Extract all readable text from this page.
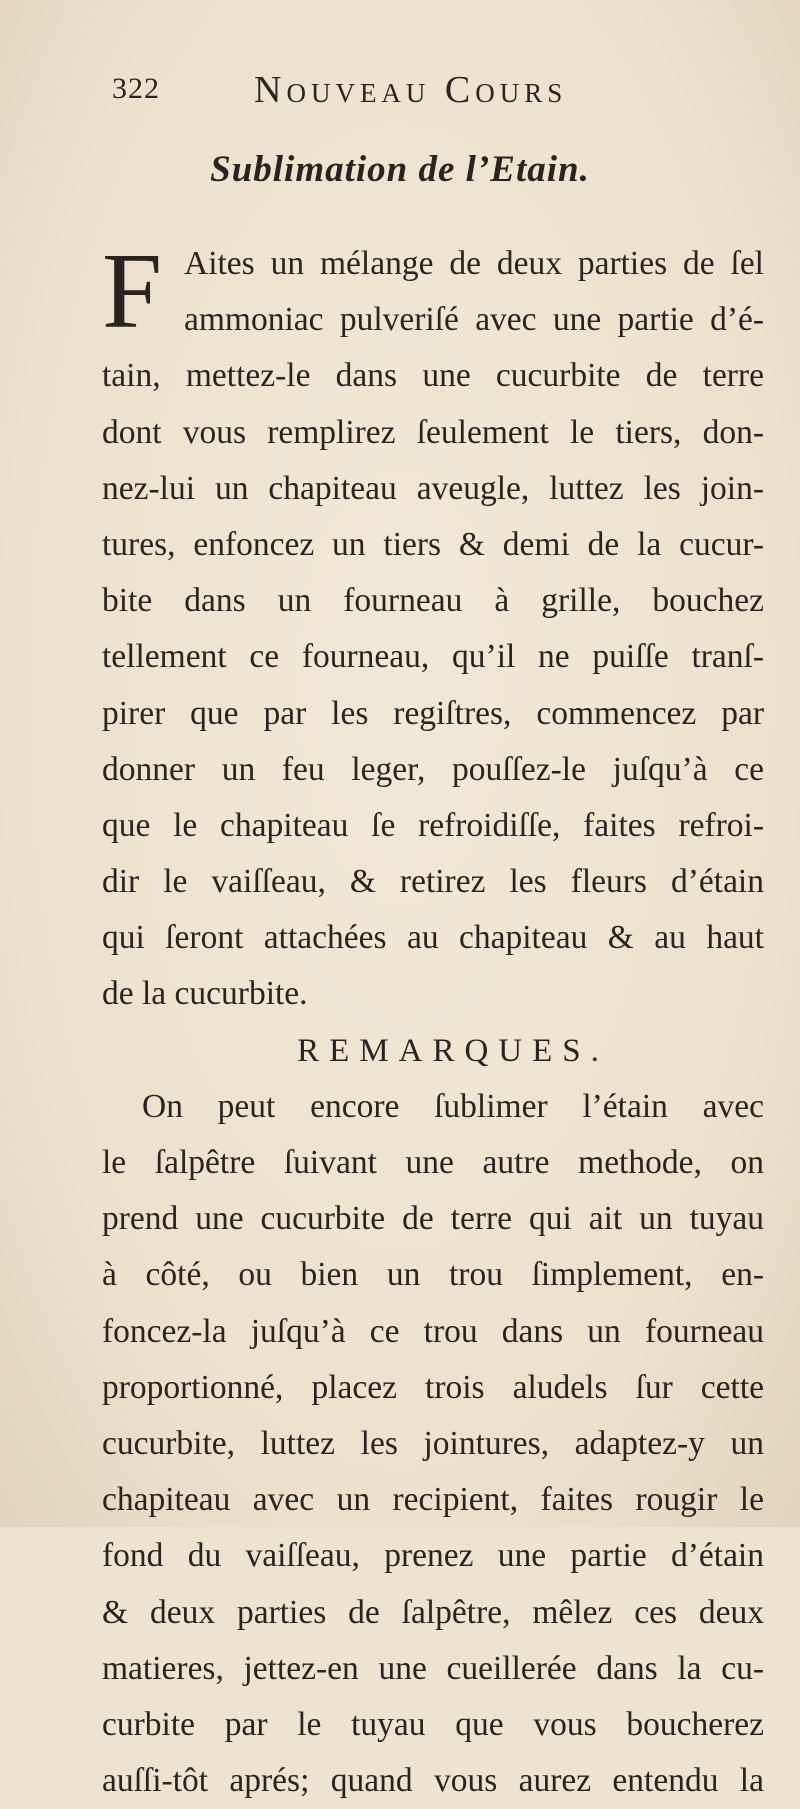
322 Nouveau Cours
Sublimation de l’Etain.
F Aites un mélange de deux parties de ſel
ammoniac pulveriſé avec une partie d’é-
tain, mettez-le dans une cucurbite de terre
dont vous remplirez ſeulement le tiers, don-
nez-lui un chapiteau aveugle, luttez les join-
tures, enfoncez un tiers & demi de la cucur-
bite dans un fourneau à grille, bouchez
tellement ce fourneau, qu’il ne puiſſe tranſ-
pirer que par les regiſtres, commencez par
donner un feu leger, pouſſez-le juſqu’à ce
que le chapiteau ſe refroidiſſe, faites refroi-
dir le vaiſſeau, & retirez les fleurs d’étain
qui ſeront attachées au chapiteau & au haut
de la cucurbite.
REMARQUES.
On peut encore ſublimer l’étain avec
le ſalpêtre ſuivant une autre methode, on
prend une cucurbite de terre qui ait un tuyau
à côté, ou bien un trou ſimplement, en-
foncez-la juſqu’à ce trou dans un fourneau
proportionné, placez trois aludels ſur cette
cucurbite, luttez les jointures, adaptez-y un
chapiteau avec un recipient, faites rougir le
fond du vaiſſeau, prenez une partie d’étain
& deux parties de ſalpêtre, mêlez ces deux
matieres, jettez-en une cueillerée dans la cu-
curbite par le tuyau que vous boucherez
auſſi-tôt aprés; quand vous aurez entendu la
